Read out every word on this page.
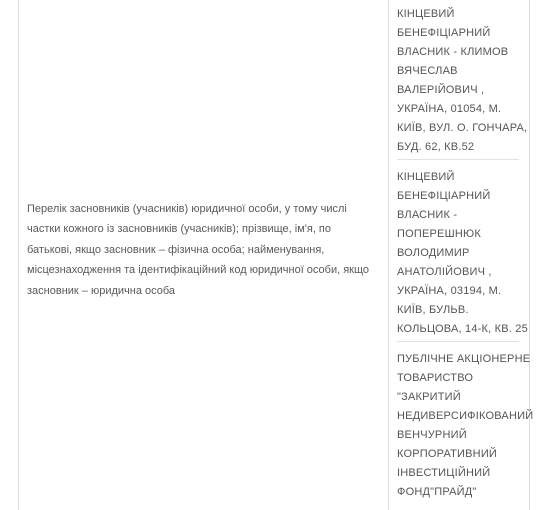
Перелік засновників (учасників) юридичної особи, у тому числі частки кожного із засновників (учасників); прізвище, ім'я, по батькові, якщо засновник – фізична особа; найменування, місцезнаходження та ідентифікаційний код юридичної особи, якщо засновник – юридична особа
КІНЦЕВИЙ
БЕНЕФІЦІАРНИЙ
ВЛАСНИК - КЛИМОВ
ВЯЧЕСЛАВ
ВАЛЕРІЙОВИЧ ,
УКРАЇНА, 01054, М.
КИЇВ, ВУЛ. О. ГОНЧАРА,
БУД. 62, КВ.52
КІНЦЕВИЙ
БЕНЕФІЦІАРНИЙ
ВЛАСНИК -
ПОПЕРЕШНЮК
ВОЛОДИМИР
АНАТОЛІЙОВИЧ ,
УКРАЇНА, 03194, М.
КИЇВ, БУЛЬВ.
КОЛЬЦОВА, 14-К, КВ. 25
ПУБЛІЧНЕ АКЦІОНЕРНЕ
ТОВАРИСТВО
"ЗАКРИТИЙ
НЕДИВЕРСИФІКОВАНИЙ
ВЕНЧУРНИЙ
КОРПОРАТИВНИЙ
ІНВЕСТИЦІЙНИЙ
ФОНД"ПРАЙД"
